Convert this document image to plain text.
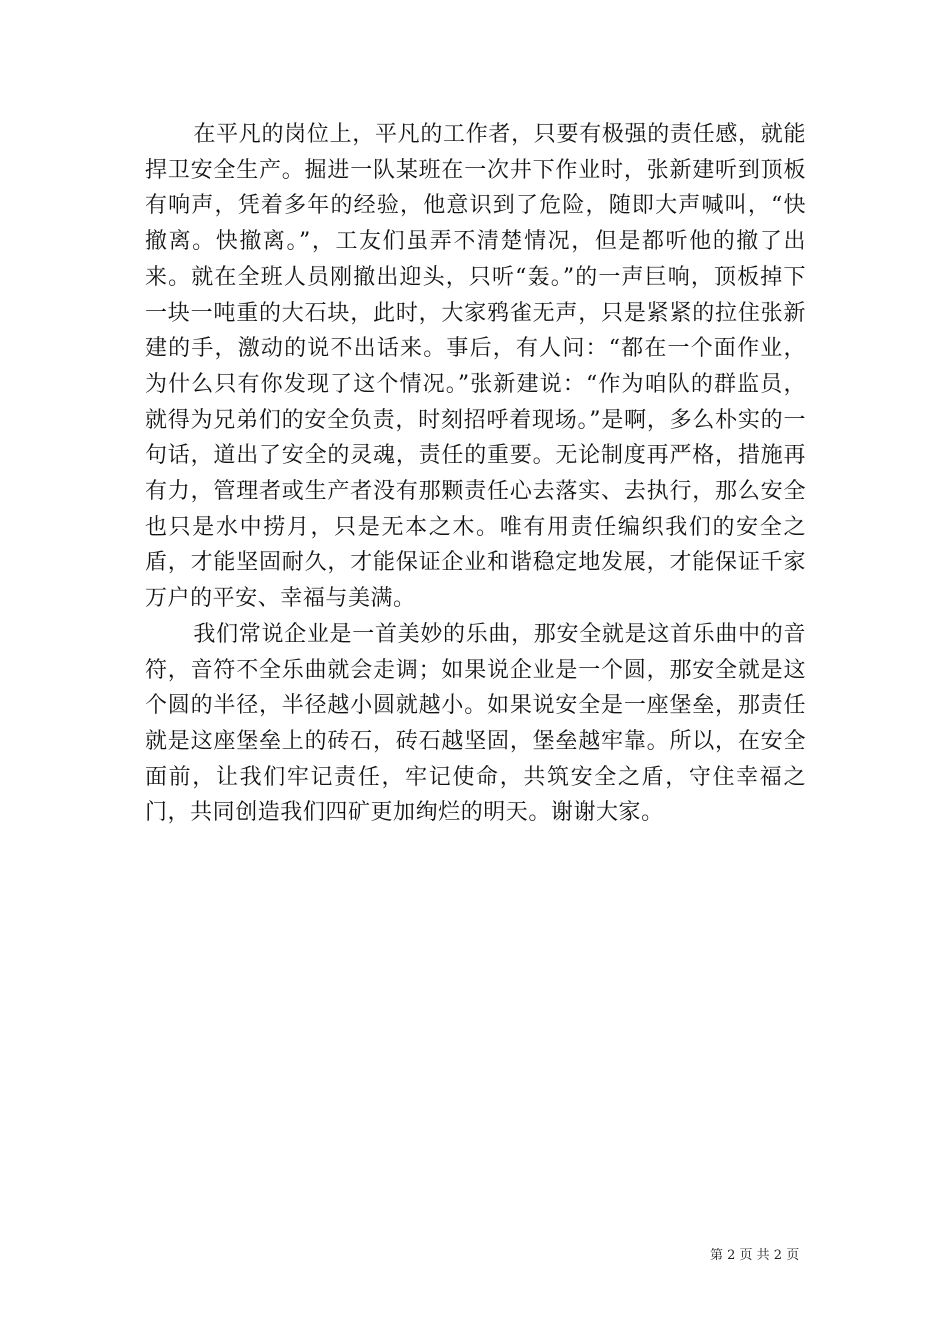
在平凡的岗位上，平凡的工作者，只要有极强的责任感，就能捍卫安全生产。掘进一队某班在一次井下作业时，张新建听到顶板有响声，凭着多年的经验，他意识到了危险，随即大声喊叫，“快撤离。快撤离。”，工友们虽弄不清楚情况，但是都听他的撤了出来。就在全班人员刚撤出迎头，只听“轰。”的一声巨响，顶板掉下一块一吨重的大石块，此时，大家鸦雀无声，只是紧紧的拉住张新建的手，激动的说不出话来。事后，有人问：“都在一个面作业，为什么只有你发现了这个情况。”张新建说：“作为咱队的群监员，就得为兄弟们的安全负责，时刻招呼着现场。”是啊，多么朴实的一句话，道出了安全的灵魂，责任的重要。无论制度再严格，措施再有力，管理者或生产者没有那颗责任心去落实、去执行，那么安全也只是水中捞月，只是无本之木。唯有用责任编织我们的安全之盾，才能坚固耐久，才能保证企业和谐稳定地发展，才能保证千家万户的平安、幸福与美满。

我们常说企业是一首美妙的乐曲，那安全就是这首乐曲中的音符，音符不全乐曲就会走调；如果说企业是一个圆，那安全就是这个圆的半径，半径越小圆就越小。如果说安全是一座堡垒，那责任就是这座堡垒上的砖石，砖石越坚固，堡垒越牢靠。所以，在安全面前，让我们牢记责任，牢记使命，共筑安全之盾，守住幸福之门，共同创造我们四矿更加绚烂的明天。谢谢大家。

第 2 页 共 2 页
